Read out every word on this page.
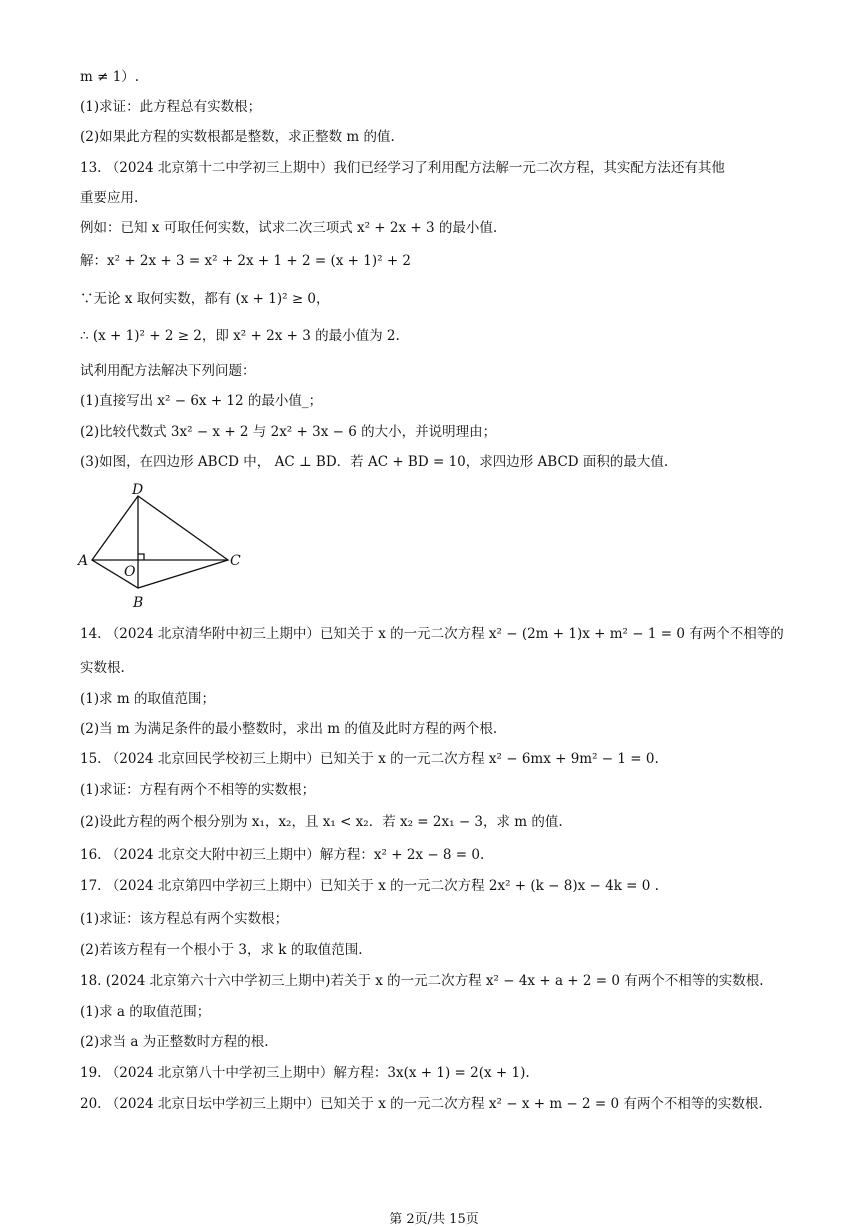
m ≠ 1）.
(1)求证：此方程总有实数根；
(2)如果此方程的实数根都是整数，求正整数 m 的值.
13. （2024 北京第十二中学初三上期中）我们已经学习了利用配方法解一元二次方程，其实配方法还有其他
重要应用.
例如：已知 x 可取任何实数，试求二次三项式 x² + 2x + 3 的最小值.
解：x² + 2x + 3 = x² + 2x + 1 + 2 = (x + 1)² + 2
∵无论 x 取何实数，都有 (x + 1)² ≥ 0，
∴ (x + 1)² + 2 ≥ 2，即 x² + 2x + 3 的最小值为 2.
试利用配方法解决下列问题：
(1)直接写出 x² − 6x + 12 的最小值_；
(2)比较代数式 3x² − x + 2 与 2x² + 3x − 6 的大小，并说明理由；
(3)如图，在四边形 ABCD 中， AC ⊥ BD．若 AC + BD = 10，求四边形 ABCD 面积的最大值.
D
A	C
O
B
14. （2024 北京清华附中初三上期中）已知关于 x 的一元二次方程 x² − (2m + 1)x + m² − 1 = 0 有两个不相等的
实数根.
(1)求 m 的取值范围；
(2)当 m 为满足条件的最小整数时，求出 m 的值及此时方程的两个根.
15. （2024 北京回民学校初三上期中）已知关于 x 的一元二次方程 x² − 6mx + 9m² − 1 = 0.
(1)求证：方程有两个不相等的实数根；
(2)设此方程的两个根分别为 x₁，x₂，且 x₁ < x₂．若 x₂ = 2x₁ − 3，求 m 的值.
16. （2024 北京交大附中初三上期中）解方程：x² + 2x − 8 = 0.
17. （2024 北京第四中学初三上期中）已知关于 x 的一元二次方程 2x² + (k − 8)x − 4k = 0 .
(1)求证：该方程总有两个实数根；
(2)若该方程有一个根小于 3，求 k 的取值范围.
18. (2024 北京第六十六中学初三上期中)若关于 x 的一元二次方程 x² − 4x + a + 2 = 0 有两个不相等的实数根.
(1)求 a 的取值范围；
(2)求当 a 为正整数时方程的根.
19. （2024 北京第八十中学初三上期中）解方程：3x(x + 1) = 2(x + 1).
20. （2024 北京日坛中学初三上期中）已知关于 x 的一元二次方程 x² − x + m − 2 = 0 有两个不相等的实数根.
第 2页/共 15页
